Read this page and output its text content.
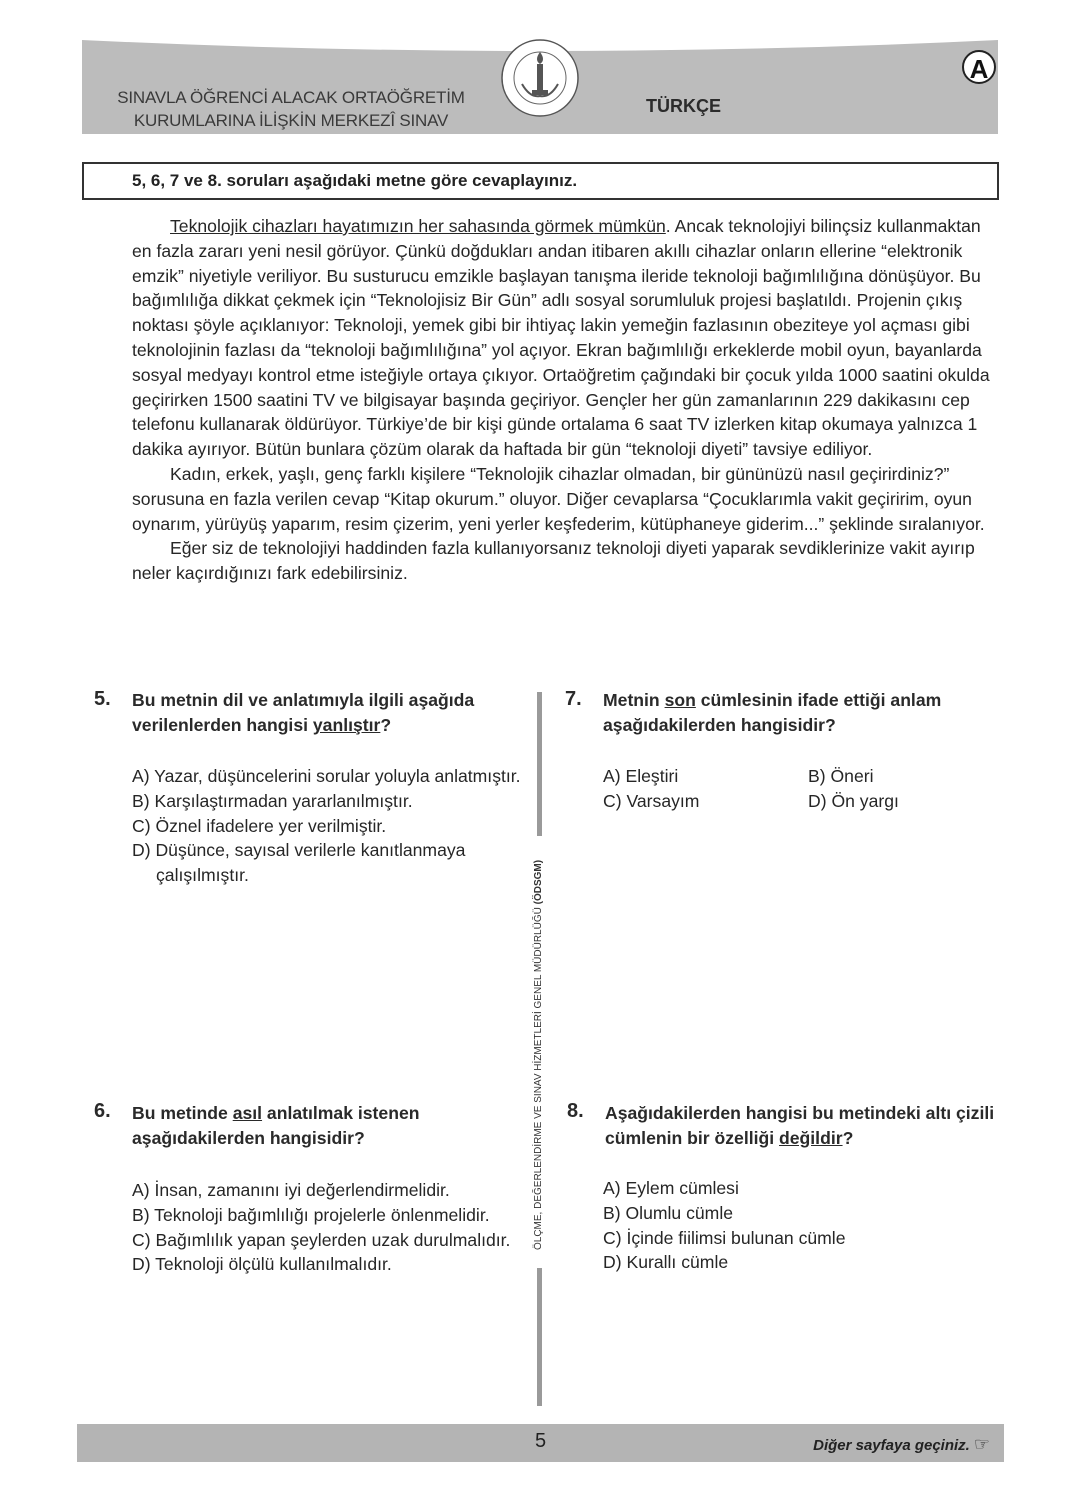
SINAVLA ÖĞRENCİ ALACAK ORTAÖĞRETİM
KURUMLARINA İLİŞKİN MERKEZÎ SINAV
TÜRKÇE
A
5, 6, 7 ve 8. soruları aşağıdaki metne göre cevaplayınız.

Teknolojik cihazları hayatımızın her sahasında görmek mümkün. Ancak teknolojiyi bilinçsiz kullanmaktan en fazla zararı yeni nesil görüyor. Çünkü doğdukları andan itibaren akıllı cihazlar onların ellerine “elektronik emzik” niyetiyle veriliyor. Bu susturucu emzikle başlayan tanışma ileride teknoloji bağımlılığına dönüşüyor. Bu bağımlılığa dikkat çekmek için “Teknolojisiz Bir Gün” adlı sosyal sorumluluk projesi başlatıldı. Projenin çıkış noktası şöyle açıklanıyor: Teknoloji, yemek gibi bir ihtiyaç lakin yemeğin fazlasının obeziteye yol açması gibi teknolojinin fazlası da “teknoloji bağımlılığına” yol açıyor. Ekran bağımlılığı erkeklerde mobil oyun, bayanlarda sosyal medyayı kontrol etme isteğiyle ortaya çıkıyor. Ortaöğretim çağındaki bir çocuk yılda 1000 saatini okulda geçirirken 1500 saatini TV ve bilgisayar başında geçiriyor. Gençler her gün zamanlarının 229 dakikasını cep telefonu kullanarak öldürüyor. Türkiye’de bir kişi günde ortalama 6 saat TV izlerken kitap okumaya yalnızca 1 dakika ayırıyor. Bütün bunlara çözüm olarak da haftada bir gün “teknoloji diyeti” tavsiye ediliyor.

Kadın, erkek, yaşlı, genç farklı kişilere “Teknolojik cihazlar olmadan, bir gününüzü nasıl geçirirdiniz?” sorusuna en fazla verilen cevap “Kitap okurum.” oluyor. Diğer cevaplarsa “Çocuklarımla vakit geçiririm, oyun oynarım, yürüyüş yaparım, resim çizerim, yeni yerler keşfederim, kütüphaneye giderim...” şeklinde sıralanıyor.

Eğer siz de teknolojiyi haddinden fazla kullanıyorsanız teknoloji diyeti yaparak sevdiklerinize vakit ayırıp neler kaçırdığınızı fark edebilirsiniz.

5. Bu metnin dil ve anlatımıyla ilgili aşağıda verilenlerden hangisi yanlıştır?
A) Yazar, düşüncelerini sorular yoluyla anlatmıştır.
B) Karşılaştırmadan yararlanılmıştır.
C) Öznel ifadelere yer verilmiştir.
D) Düşünce, sayısal verilerle kanıtlanmaya çalışılmıştır.
6. Bu metinde asıl anlatılmak istenen aşağıdakilerden hangisidir?
A) İnsan, zamanını iyi değerlendirmelidir.
B) Teknoloji bağımlılığı projelerle önlenmelidir.
C) Bağımlılık yapan şeylerden uzak durulmalıdır.
D) Teknoloji ölçülü kullanılmalıdır.
ÖLÇME, DEĞERLENDİRME VE SINAV HİZMETLERİ GENEL MÜDÜRLÜĞÜ (ÖDSGM)
7. Metnin son cümlesinin ifade ettiği anlam aşağıdakilerden hangisidir?
A) Eleştiri	B) Öneri
C) Varsayım	D) Ön yargı
8. Aşağıdakilerden hangisi bu metindeki altı çizili cümlenin bir özelliği değildir?
A) Eylem cümlesi
B) Olumlu cümle
C) İçinde fiilimsi bulunan cümle
D) Kurallı cümle
5	Diğer sayfaya geçiniz. ☞
